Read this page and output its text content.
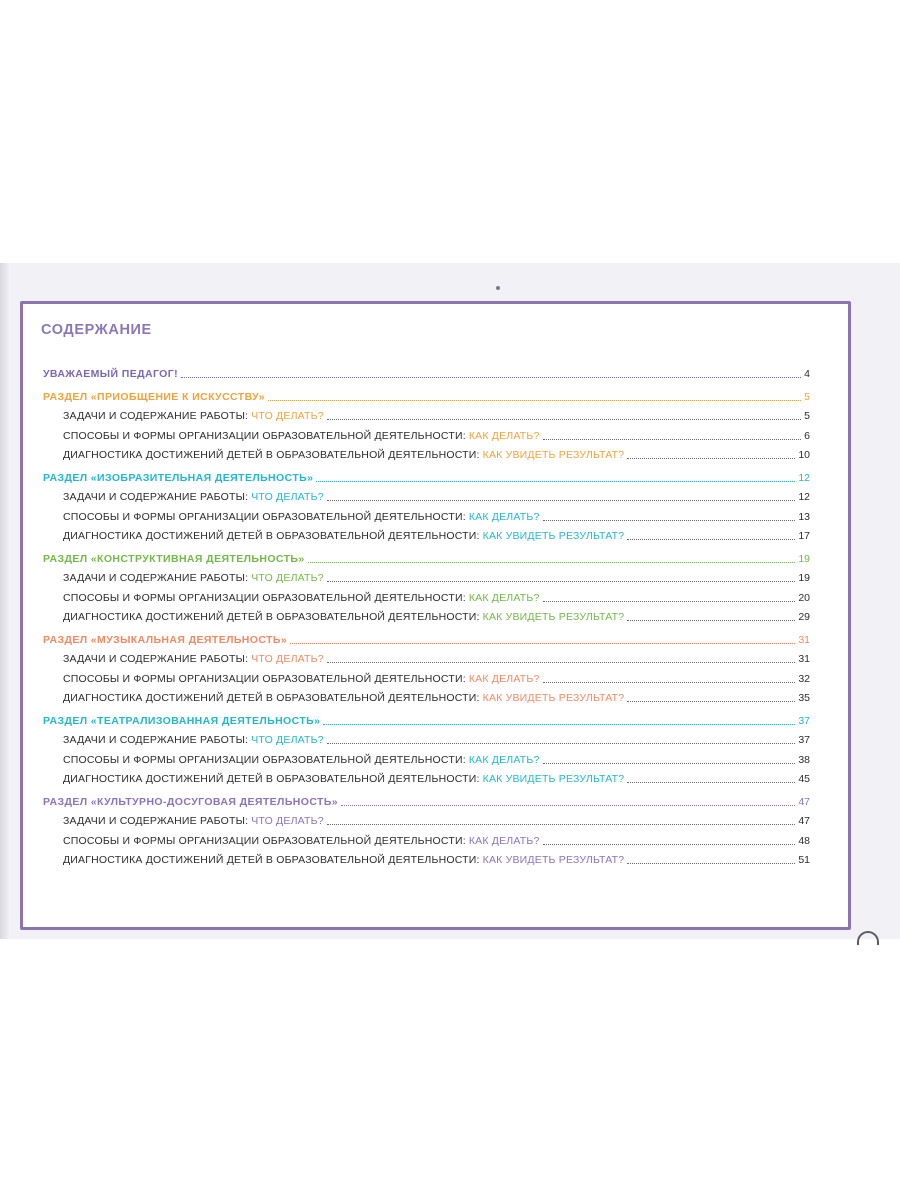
СОДЕРЖАНИЕ
УВАЖАЕМЫЙ ПЕДАГОГ!	4
РАЗДЕЛ «ПРИОБЩЕНИЕ К ИСКУССТВУ»	5
ЗАДАЧИ И СОДЕРЖАНИЕ РАБОТЫ: ЧТО ДЕЛАТЬ?	5
СПОСОБЫ И ФОРМЫ ОРГАНИЗАЦИИ ОБРАЗОВАТЕЛЬНОЙ ДЕЯТЕЛЬНОСТИ: КАК ДЕЛАТЬ?	6
ДИАГНОСТИКА ДОСТИЖЕНИЙ ДЕТЕЙ В ОБРАЗОВАТЕЛЬНОЙ ДЕЯТЕЛЬНОСТИ: КАК УВИДЕТЬ РЕЗУЛЬТАТ?	10
РАЗДЕЛ «ИЗОБРАЗИТЕЛЬНАЯ ДЕЯТЕЛЬНОСТЬ»	12
ЗАДАЧИ И СОДЕРЖАНИЕ РАБОТЫ: ЧТО ДЕЛАТЬ?	12
СПОСОБЫ И ФОРМЫ ОРГАНИЗАЦИИ ОБРАЗОВАТЕЛЬНОЙ ДЕЯТЕЛЬНОСТИ: КАК ДЕЛАТЬ?	13
ДИАГНОСТИКА ДОСТИЖЕНИЙ ДЕТЕЙ В ОБРАЗОВАТЕЛЬНОЙ ДЕЯТЕЛЬНОСТИ: КАК УВИДЕТЬ РЕЗУЛЬТАТ?	17
РАЗДЕЛ «КОНСТРУКТИВНАЯ ДЕЯТЕЛЬНОСТЬ»	19
ЗАДАЧИ И СОДЕРЖАНИЕ РАБОТЫ: ЧТО ДЕЛАТЬ?	19
СПОСОБЫ И ФОРМЫ ОРГАНИЗАЦИИ ОБРАЗОВАТЕЛЬНОЙ ДЕЯТЕЛЬНОСТИ: КАК ДЕЛАТЬ?	20
ДИАГНОСТИКА ДОСТИЖЕНИЙ ДЕТЕЙ В ОБРАЗОВАТЕЛЬНОЙ ДЕЯТЕЛЬНОСТИ: КАК УВИДЕТЬ РЕЗУЛЬТАТ?	29
РАЗДЕЛ «МУЗЫКАЛЬНАЯ ДЕЯТЕЛЬНОСТЬ»	31
ЗАДАЧИ И СОДЕРЖАНИЕ РАБОТЫ: ЧТО ДЕЛАТЬ?	31
СПОСОБЫ И ФОРМЫ ОРГАНИЗАЦИИ ОБРАЗОВАТЕЛЬНОЙ ДЕЯТЕЛЬНОСТИ: КАК ДЕЛАТЬ?	32
ДИАГНОСТИКА ДОСТИЖЕНИЙ ДЕТЕЙ В ОБРАЗОВАТЕЛЬНОЙ ДЕЯТЕЛЬНОСТИ: КАК УВИДЕТЬ РЕЗУЛЬТАТ?	35
РАЗДЕЛ «ТЕАТРАЛИЗОВАННАЯ ДЕЯТЕЛЬНОСТЬ»	37
ЗАДАЧИ И СОДЕРЖАНИЕ РАБОТЫ: ЧТО ДЕЛАТЬ?	37
СПОСОБЫ И ФОРМЫ ОРГАНИЗАЦИИ ОБРАЗОВАТЕЛЬНОЙ ДЕЯТЕЛЬНОСТИ: КАК ДЕЛАТЬ?	38
ДИАГНОСТИКА ДОСТИЖЕНИЙ ДЕТЕЙ В ОБРАЗОВАТЕЛЬНОЙ ДЕЯТЕЛЬНОСТИ: КАК УВИДЕТЬ РЕЗУЛЬТАТ?	45
РАЗДЕЛ «КУЛЬТУРНО-ДОСУГОВАЯ ДЕЯТЕЛЬНОСТЬ»	47
ЗАДАЧИ И СОДЕРЖАНИЕ РАБОТЫ: ЧТО ДЕЛАТЬ?	47
СПОСОБЫ И ФОРМЫ ОРГАНИЗАЦИИ ОБРАЗОВАТЕЛЬНОЙ ДЕЯТЕЛЬНОСТИ: КАК ДЕЛАТЬ?	48
ДИАГНОСТИКА ДОСТИЖЕНИЙ ДЕТЕЙ В ОБРАЗОВАТЕЛЬНОЙ ДЕЯТЕЛЬНОСТИ: КАК УВИДЕТЬ РЕЗУЛЬТАТ?	51
